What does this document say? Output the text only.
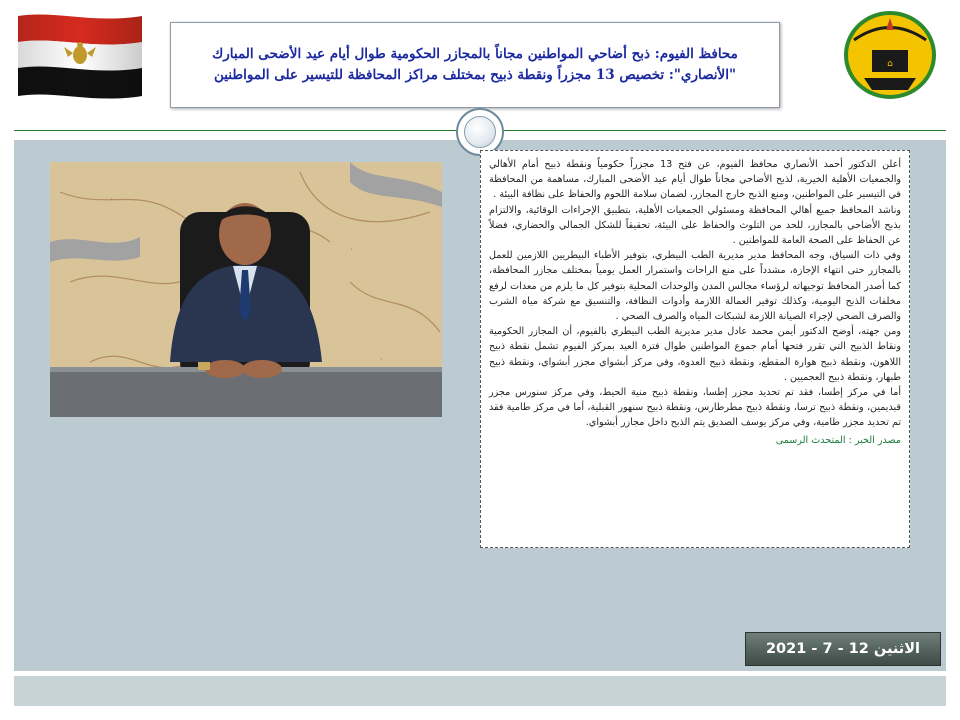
⌂
محافظ الفيوم: ذبح أضاحي المواطنين مجاناً بالمجازر الحكومية طوال أيام عيد الأضحى المبارك "الأنصاري": تخصيص 13 مجزراً ونقطة ذبيح بمختلف مراكز المحافظة للتيسير على المواطنين
·
·
·

أعلن الدكتور أحمد الأنصاري محافظ الفيوم، عن فتح 13 مجزراً حكومياً ونقطة ذبيح أمام الأهالي والجمعيات الأهلية الخيرية، لذبح الأضاحي مجاناً طوال أيام عيد الأضحى المبارك، مساهمة من المحافظة في التيسير على المواطنين، ومنع الذبح خارج المجازر، لضمان سلامة اللحوم والحفاظ على نظافة البيئة .

وناشد المحافظ جميع أهالي المحافظة ومسئولي الجمعيات الأهلية، بتطبيق الإجراءات الوقائية، والالتزام بذبح الأضاحي بالمجازر، للحد من التلوث والحفاظ على البيئة، تحقيقاً للشكل الجمالي والحضاري، فضلاً عن الحفاظ على الصحة العامة للمواطنين .

وفي ذات السياق، وجه المحافظ مدير مديرية الطب البيطري، بتوفير الأطباء البيطريين اللازمين للعمل بالمجازر حتى انتهاء الإجازة، مشدداً على منع الراحات واستمرار العمل يومياً بمختلف مجازر المحافظة، كما أصدر المحافظ توجيهاته لرؤساء مجالس المدن والوحدات المحلية بتوفير كل ما يلزم من معدات لرفع مخلفات الذبح اليومية، وكذلك توفير العمالة اللازمة وأدوات النظافة، والتنسيق مع شركة مياه الشرب والصرف الصحي لإجراء الصيانة اللازمة لشبكات المياه والصرف الصحي .

ومن جهته، أوضح الدكتور أيمن محمد عادل مدير مديرية الطب البيطري بالفيوم، أن المجازر الحكومية ونقاط الذبيح التي تقرر فتحها أمام جموع المواطنين طوال فترة العيد بمركز الفيوم تشمل نقطة ذبيح اللاهون، ونقطة ذبيح هوارة المقطع، ونقطة ذبيح العدوة، وفي مركز أبشواي مجزر أبشواي، ونقطة ذبيح طبهار، ونقطة ذبيح العجميين .

أما في مركز إطسا، فقد تم تحديد مجزر إطسا، ونقطة ذبيح منية الحيط، وفي مركز سنورس مجزر قبديمين، ونقطة ذبيح ترسا، ونقطة ذبيح مطرطارس، ونقطة ذبيح سنهور القبلية، أما في مركز طامية فقد تم تحديد مجزر طامية، وفي مركز يوسف الصديق يتم الذبح داخل مجازر أبشواي.

مصدر الخبر : المتحدث الرسمى

الاثنين 12 - 7 - 2021
